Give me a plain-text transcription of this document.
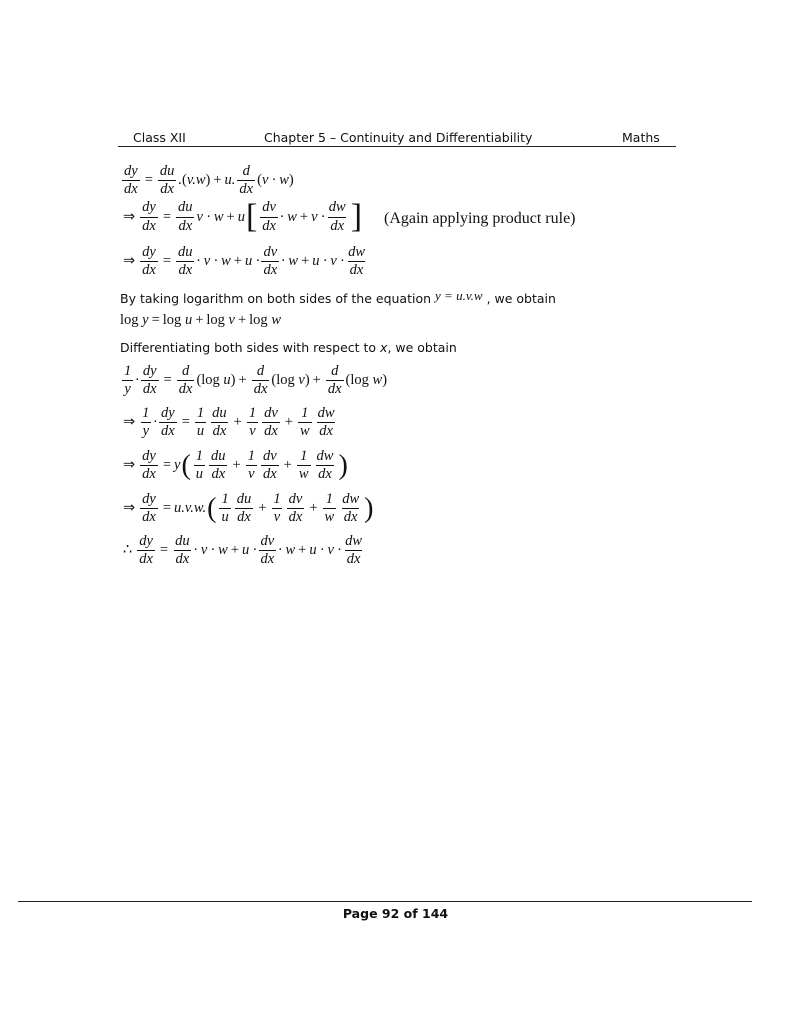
Class XII	Chapter 5 – Continuity and Differentiability	Maths
$\frac{dy}{dx} = \frac{du}{dx} .(v.w) + u$. $\frac{d}{dx} (v \cdot w)$
⇒ $\frac{dy}{dx} = \frac{du}{dx}$ v · w + u [ $\frac{dv}{dx} \cdot w + v \cdot \frac{dw}{dx}$ ] (Again applying product rule)
⇒ $\frac{dy}{dx} = \frac{du}{dx} \cdot v \cdot w + u \cdot \frac{dv}{dx} \cdot w + u \cdot v \cdot \frac{dw}{dx}$
By taking logarithm on both sides of the equation y = u.v.w , we obtain
log
y = log
u + log
v + log
w
Differentiating both sides with respect to x, we obtain
$\frac{1}{y} \cdot \frac{dy}{dx} = \frac{d}{dx} (\log$ $u) + \frac{d}{dx} (\log$ $v) + \frac{d}{dx} (\log$ w)
⇒ $\frac{1}{y} \cdot \frac{dy}{dx} = \frac{1}{u} \frac{du}{dx} + \frac{1}{v} \frac{dv}{dx} + \frac{1}{w} \frac{dw}{dx}$
⇒ $\frac{dy}{dx} = y$ ( $\frac{1}{u} \frac{du}{dx} + \frac{1}{v} \frac{dv}{dx} + \frac{1}{w} \frac{dw}{dx}$ )
⇒ $\frac{dy}{dx} = u.v.w$. ( $\frac{1}{u} \frac{du}{dx} + \frac{1}{v} \frac{dv}{dx} + \frac{1}{w} \frac{dw}{dx}$ )
∴ $\frac{dy}{dx} = \frac{du}{dx} \cdot v \cdot w + u \cdot \frac{dv}{dx} \cdot w + u \cdot v \cdot \frac{dw}{dx}$
Page 92 of 144
